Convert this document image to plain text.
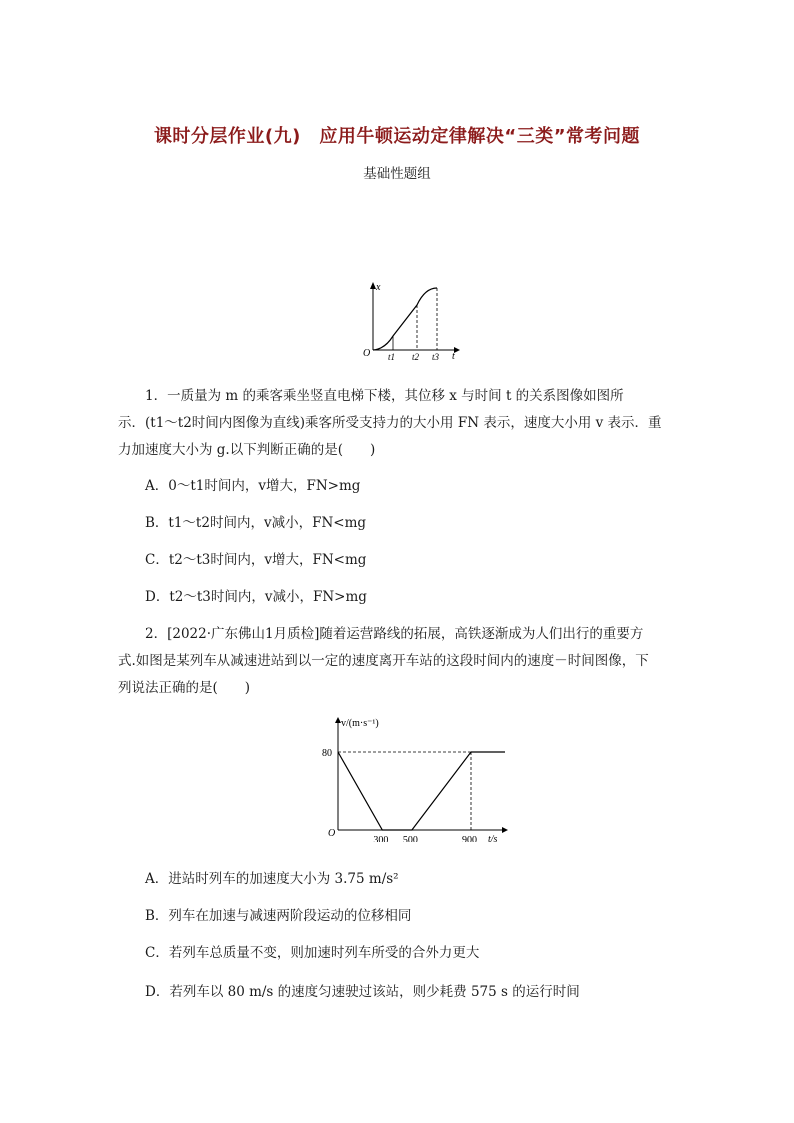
课时分层作业(九)　应用牛顿运动定律解决“三类”常考问题
基础性题组
x
t
O t1 t2 t3
1．一质量为 m 的乘客乘坐竖直电梯下楼，其位移 x 与时间 t 的关系图像如图所
示．(t1～t2时间内图像为直线)乘客所受支持力的大小用 FN 表示，速度大小用 v 表示．重
力加速度大小为 g.以下判断正确的是(　　)
A．0～t1时间内，v增大，FN>mg
B．t1～t2时间内，v减小，FN<mg
C．t2～t3时间内，v增大，FN<mg
D．t2～t3时间内，v减小，FN>mg
2．[2022·广东佛山1月质检]随着运营路线的拓展，高铁逐渐成为人们出行的重要方
式.如图是某列车从减速进站到以一定的速度离开车站的这段时间内的速度－时间图像，下
列说法正确的是(　　)
v/(m·s⁻¹)
t/s
O
300 500	900
80
A．进站时列车的加速度大小为 3.75 m/s²
B．列车在加速与减速两阶段运动的位移相同
C．若列车总质量不变，则加速时列车所受的合外力更大
D．若列车以 80 m/s 的速度匀速驶过该站，则少耗费 575 s 的运行时间
